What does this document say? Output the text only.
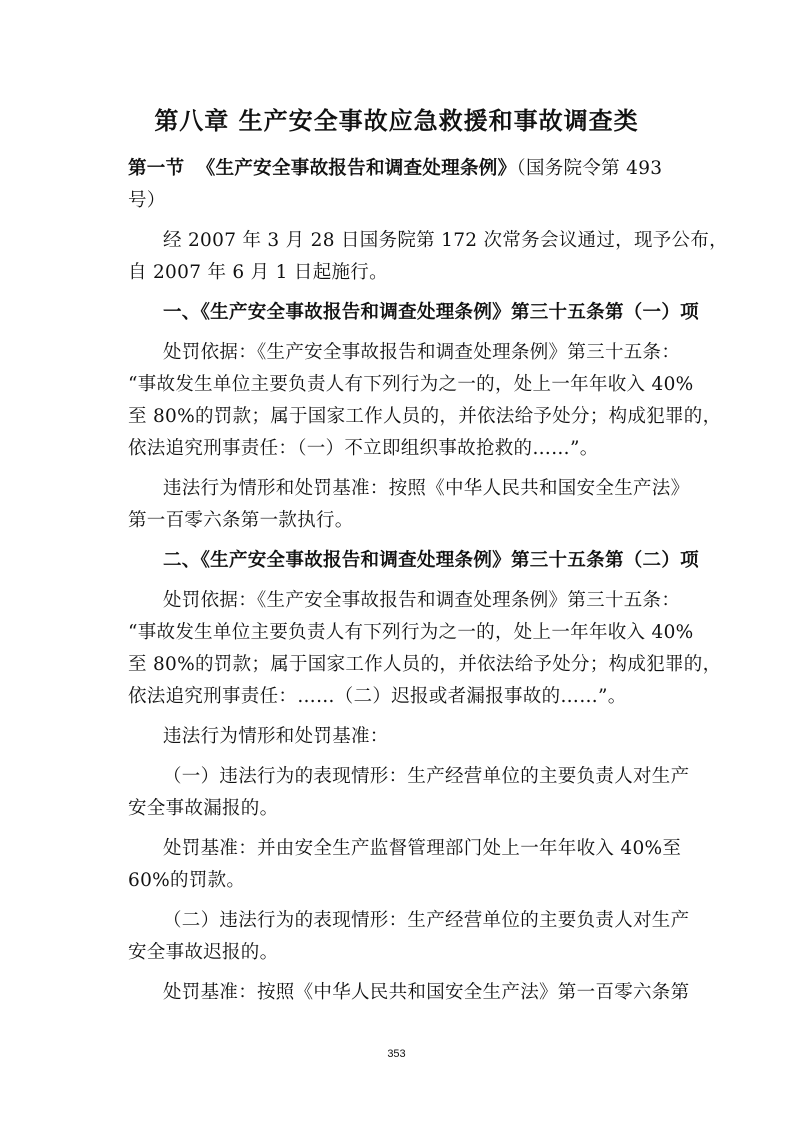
第八章 生产安全事故应急救援和事故调查类

第一节 《生产安全事故报告和调查处理条例》（国务院令第 493

号）

经 2007 年 3 月 28 日国务院第 172 次常务会议通过，现予公布，

自 2007 年 6 月 1 日起施行。

一、《生产安全事故报告和调查处理条例》第三十五条第（一）项

处罚依据：《生产安全事故报告和调查处理条例》第三十五条：

“事故发生单位主要负责人有下列行为之一的，处上一年年收入 40%

至 80%的罚款；属于国家工作人员的，并依法给予处分；构成犯罪的，

依法追究刑事责任：（一）不立即组织事故抢救的……”。

违法行为情形和处罚基准：按照《中华人民共和国安全生产法》

第一百零六条第一款执行。

二、《生产安全事故报告和调查处理条例》第三十五条第（二）项

处罚依据：《生产安全事故报告和调查处理条例》第三十五条：

“事故发生单位主要负责人有下列行为之一的，处上一年年收入 40%

至 80%的罚款；属于国家工作人员的，并依法给予处分；构成犯罪的，

依法追究刑事责任：……（二）迟报或者漏报事故的……”。

违法行为情形和处罚基准：

（一）违法行为的表现情形：生产经营单位的主要负责人对生产

安全事故漏报的。

处罚基准：并由安全生产监督管理部门处上一年年收入 40%至

60%的罚款。

（二）违法行为的表现情形：生产经营单位的主要负责人对生产

安全事故迟报的。

处罚基准：按照《中华人民共和国安全生产法》第一百零六条第

353
